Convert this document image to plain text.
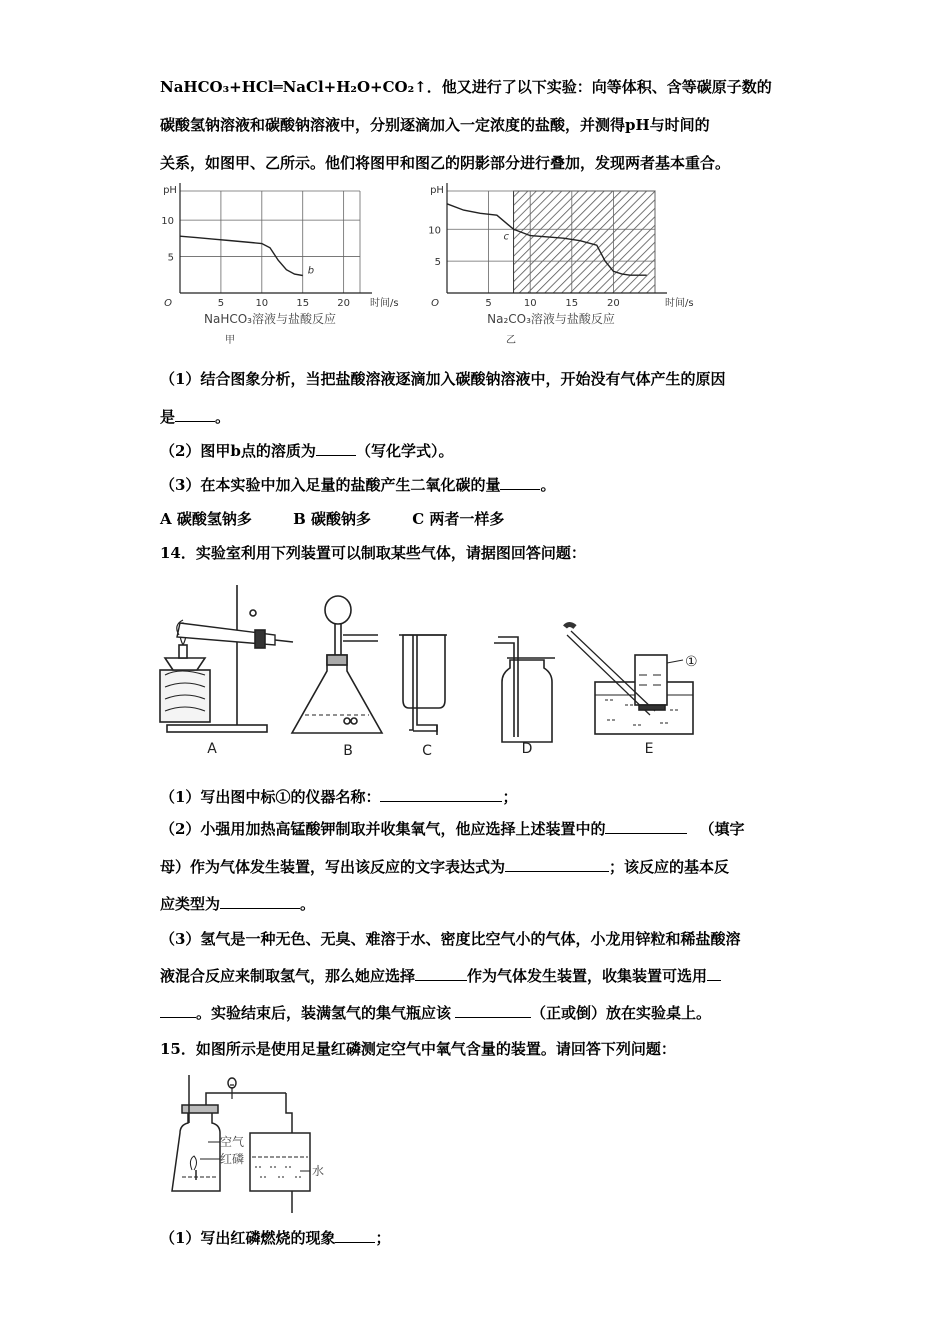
NaHCO₃+HCl═NaCl+H₂O+CO₂↑．他又进行了以下实验：向等体积、含等碳原子数的
碳酸氢钠溶液和碳酸钠溶液中，分别逐滴加入一定浓度的盐酸，并测得pH与时间的
关系，如图甲、乙所示。他们将图甲和图乙的阴影部分进行叠加，发现两者基本重合。
5	10	15	20
5
10
O
pH
时间/s
b
NaHCO₃溶液与盐酸反应
甲
5	10	15	20
5
10
O
pH
时间/s
c
Na₂CO₃溶液与盐酸反应
乙
（1）结合图象分析，当把盐酸溶液逐滴加入碳酸钠溶液中，开始没有气体产生的原因
是	。
（2）图甲b点的溶质为	（写化学式）。
（3）在本实验中加入足量的盐酸产生二氧化碳的量	。
A 碳酸氢钠多	B 碳酸钠多	C 两者一样多
14．实验室利用下列装置可以制取某些气体，请据图回答问题：
A	B	C	D	E
①
（1）写出图中标①的仪器名称：	；
（2）小强用加热高锰酸钾制取并收集氧气，他应选择上述装置中的	（填字
母）作为气体发生装置，写出该反应的文字表达式为	；该反应的基本反
应类型为	。
（3）氢气是一种无色、无臭、难溶于水、密度比空气小的气体，小龙用锌粒和稀盐酸溶
液混合反应来制取氢气，那么她应选择	作为气体发生装置，收集装置可选用
。实验结束后，装满氢气的集气瓶应该	（正或倒）放在实验桌上。
15．如图所示是使用足量红磷测定空气中氧气含量的装置。请回答下列问题：
空气
红磷
水
（1）写出红磷燃烧的现象	；
